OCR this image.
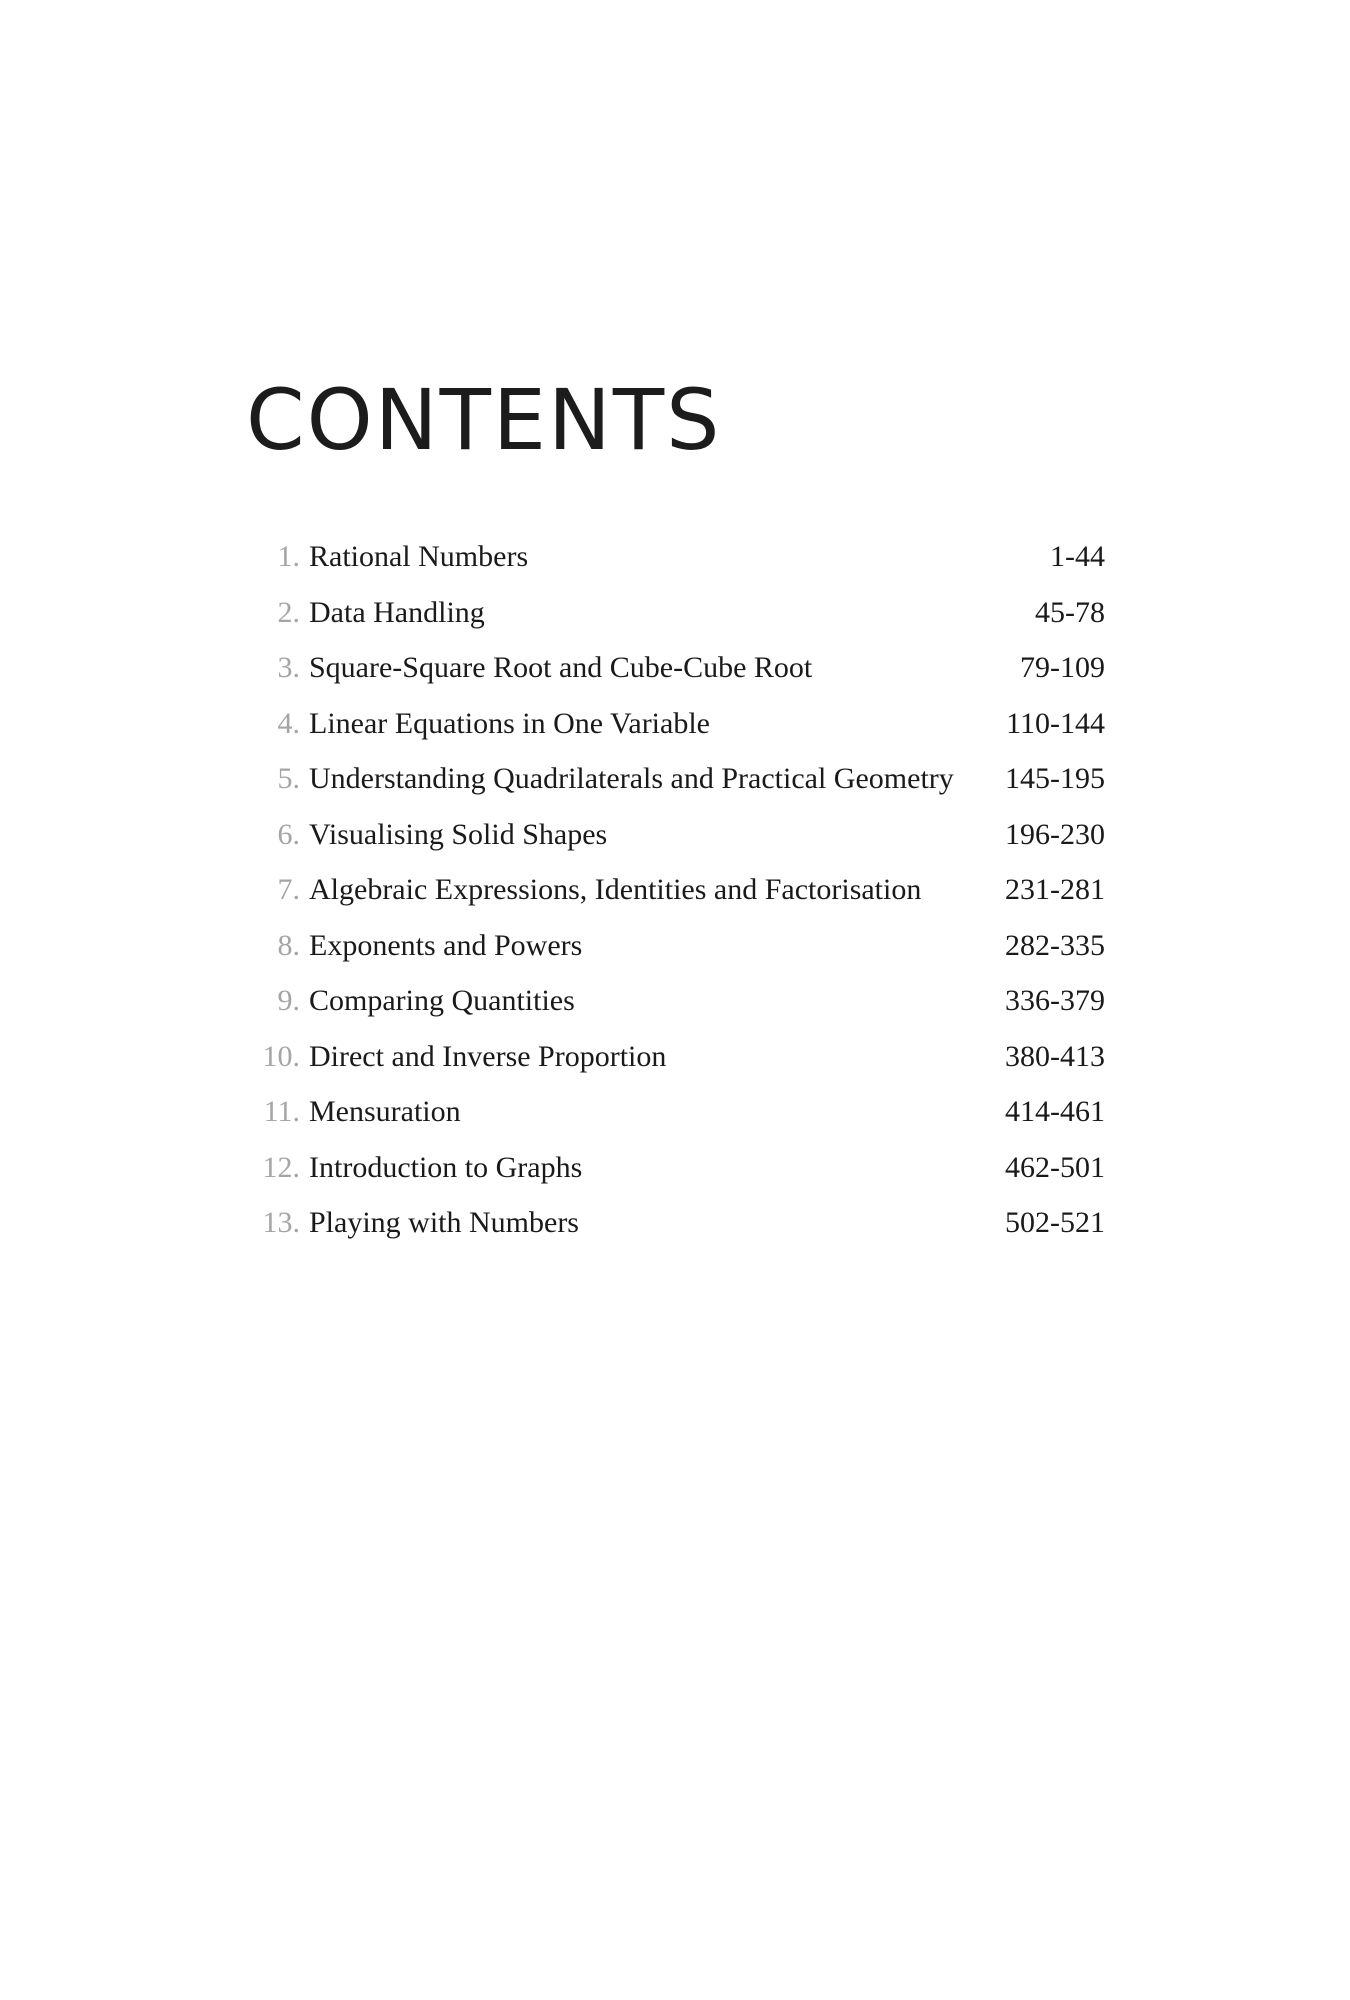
CONTENTS
1. Rational Numbers	1-44
2. Data Handling	45-78
3. Square-Square Root and Cube-Cube Root	79-109
4. Linear Equations in One Variable	110-144
5. Understanding Quadrilaterals and Practical Geometry 145-195
6. Visualising Solid Shapes	196-230
7. Algebraic Expressions, Identities and Factorisation	231-281
8. Exponents and Powers	282-335
9. Comparing Quantities	336-379
10. Direct and Inverse Proportion	380-413
11. Mensuration	414-461
12. Introduction to Graphs	462-501
13. Playing with Numbers	502-521
